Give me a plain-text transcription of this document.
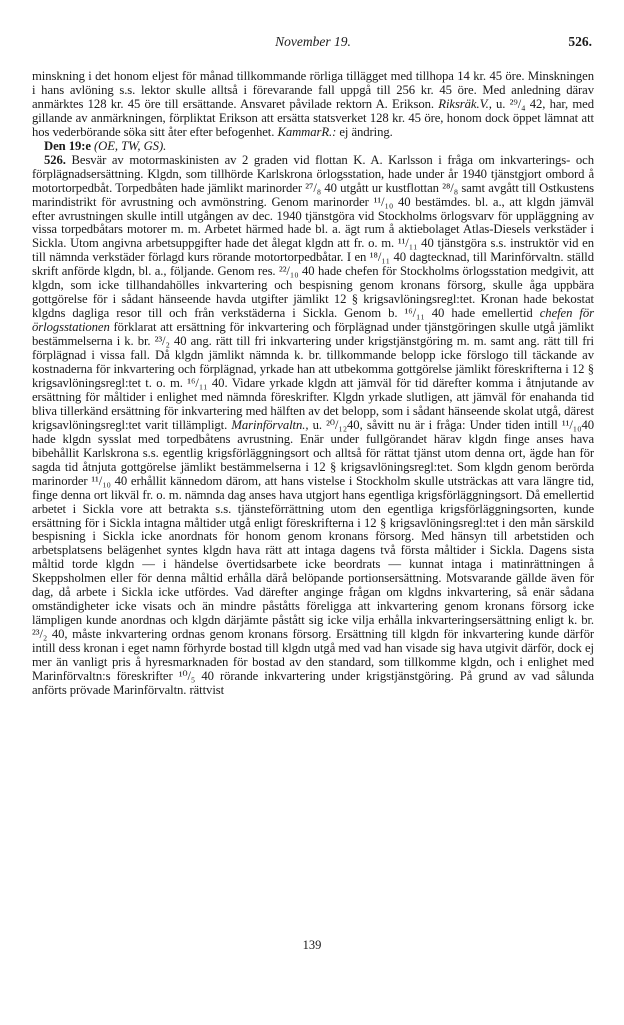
November 19.	526.

minskning i det honom eljest för månad tillkommande rörliga tillägget med tillhopa 14 kr. 45 öre. Minskningen i hans avlöning s.s. lektor skulle alltså i förevarande fall uppgå till 256 kr. 45 öre. Med anledning därav anmärktes 128 kr. 45 öre till ersättande. Ansvaret påvilade rektorn A. Erikson. Riksräk.V., u. ²⁹/₄ 42, har, med gillande av anmärkningen, förpliktat Erikson att ersätta statsverket 128 kr. 45 öre, honom dock öppet lämnat att hos vederbörande söka sitt åter efter befogenhet. KammarR.: ej ändring.

Den 19:e (OE, TW, GS).

526. Besvär av motormaskinisten av 2 graden vid flottan K. A. Karlsson i fråga om inkvarterings- och förplägnadsersättning. Klgdn, som tillhörde Karlskrona örlogsstation, hade under år 1940 tjänstgjort ombord å motortorpedbåt. Torpedbåten hade jämlikt marinorder ²⁷/₈ 40 utgått ur kustflottan ²⁸/₈ samt avgått till Ostkustens marindistrikt för avrustning och avmönstring. Genom marinorder ¹¹/₁₀ 40 bestämdes. bl. a., att klgdn jämväl efter avrustningen skulle intill utgången av dec. 1940 tjänstgöra vid Stockholms örlogsvarv för uppläggning av vissa torpedbåtars motorer m. m. Arbetet härmed hade bl. a. ägt rum å aktiebolaget Atlas-Diesels verkstäder i Sickla. Utom angivna arbetsuppgifter hade det ålegat klgdn att fr. o. m. ¹¹/₁₁ 40 tjänstgöra s.s. instruktör vid en till nämnda verkstäder förlagd kurs rörande motortorpedbåtar. I en ¹⁸/₁₁ 40 dagtecknad, till Marinförvaltn. ställd skrift anförde klgdn, bl. a., följande. Genom res. ²²/₁₀ 40 hade chefen för Stockholms örlogsstation medgivit, att klgdn, som icke tillhandahölles inkvartering och bespisning genom kronans försorg, skulle åga uppbära gottgörelse för i sådant hänseende havda utgifter jämlikt 12 § krigsavlöningsregl:tet. Kronan hade bekostat klgdns dagliga resor till och från verkstäderna i Sickla. Genom b. ¹⁶/₁₁ 40 hade emellertid chefen för örlogsstationen förklarat att ersättning för inkvartering och förplägnad under tjänstgöringen skulle utgå jämlikt bestämmelserna i k. br. ²³/₂ 40 ang. rätt till fri inkvartering under krigstjänstgöring m. m. samt ang. rätt till fri förplägnad i vissa fall. Då klgdn jämlikt nämnda k. br. tillkommande belopp icke förslogo till täckande av kostnaderna för inkvartering och förplägnad, yrkade han att utbekomma gottgörelse jämlikt föreskrifterna i 12 § krigsavlöningsregl:tet t. o. m. ¹⁶/₁₁ 40. Vidare yrkade klgdn att jämväl för tid därefter komma i åtnjutande av ersättning för måltider i enlighet med nämnda föreskrifter. Klgdn yrkade slutligen, att jämväl för enahanda tid bliva tillerkänd ersättning för inkvartering med hälften av det belopp, som i sådant hänseende skolat utgå, därest krigsavlöningsregl:tet varit tillämpligt. Marinförvaltn., u. ²⁰/₁₂40, såvitt nu är i fråga: Under tiden intill ¹¹/₁₀40 hade klgdn sysslat med torpedbåtens avrustning. Enär under fullgörandet härav klgdn finge anses hava bibehållit Karlskrona s.s. egentlig krigsförläggningsort och alltså för rättat tjänst utom denna ort, ägde han för sagda tid åtnjuta gottgörelse jämlikt bestämmelserna i 12 § krigsavlöningsregl:tet. Som klgdn genom berörda marinorder ¹¹/₁₀ 40 erhållit kännedom därom, att hans vistelse i Stockholm skulle utsträckas att vara längre tid, finge denna ort likväl fr. o. m. nämnda dag anses hava utgjort hans egentliga krigsförläggningsort. Då emellertid arbetet i Sickla vore att betrakta s.s. tjänsteförrättning utom den egentliga krigsförläggningsorten, kunde ersättning för i Sickla intagna måltider utgå enligt föreskrifterna i 12 § krigsavlöningsregl:tet i den mån särskild bespisning i Sickla icke anordnats för honom genom kronans försorg. Med hänsyn till arbetstiden och arbetsplatsens belägenhet syntes klgdn hava rätt att intaga dagens två första måltider i Sickla. Dagens sista måltid torde klgdn — i händelse övertidsarbete icke beordrats — kunnat intaga i matinrättningen å Skeppsholmen eller för denna måltid erhålla därå belöpande portionsersättning. Motsvarande gällde även för dag, då arbete i Sickla icke utfördes. Vad därefter anginge frågan om klgdns inkvartering, så enär sådana omständigheter icke visats och än mindre påståtts föreligga att inkvartering genom kronans försorg icke lämpligen kunde anordnas och klgdn därjämte påstått sig icke vilja erhålla inkvarteringsersättning enligt k. br. ²³/₂ 40, måste inkvartering ordnas genom kronans försorg. Ersättning till klgdn för inkvartering kunde därför intill dess kronan i eget namn förhyrde bostad till klgdn utgå med vad han visade sig hava utgivit därför, dock ej mer än vanligt pris å hyresmarknaden för bostad av den standard, som tillkomme klgdn, och i enlighet med Marinförvaltn:s föreskrifter ¹⁰/₅ 40 rörande inkvartering under krigstjänstgöring. På grund av vad sålunda anförts prövade Marinförvaltn. rättvist

139
